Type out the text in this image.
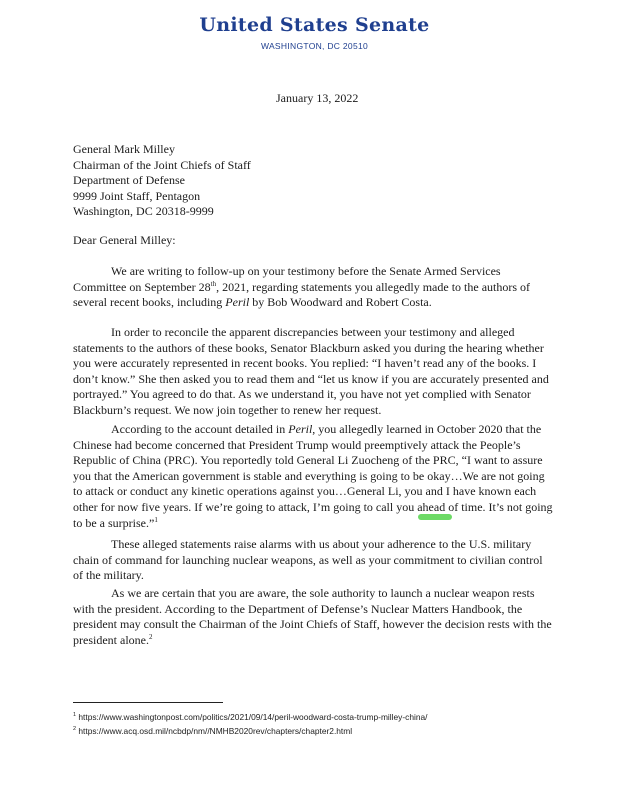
United States Senate
WASHINGTON, DC 20510
January 13, 2022
General Mark Milley
Chairman of the Joint Chiefs of Staff
Department of Defense
9999 Joint Staff, Pentagon
Washington, DC 20318-9999
Dear General Milley:
We are writing to follow-up on your testimony before the Senate Armed Services Committee on September 28th, 2021, regarding statements you allegedly made to the authors of several recent books, including Peril by Bob Woodward and Robert Costa.
In order to reconcile the apparent discrepancies between your testimony and alleged statements to the authors of these books, Senator Blackburn asked you during the hearing whether you were accurately represented in recent books. You replied: “I haven’t read any of the books. I don’t know.” She then asked you to read them and “let us know if you are accurately presented and portrayed.” You agreed to do that. As we understand it, you have not yet complied with Senator Blackburn’s request. We now join together to renew her request.
According to the account detailed in Peril, you allegedly learned in October 2020 that the Chinese had become concerned that President Trump would preemptively attack the People’s Republic of China (PRC). You reportedly told General Li Zuocheng of the PRC, “I want to assure you that the American government is stable and everything is going to be okay…We are not going to attack or conduct any kinetic operations against you…General Li, you and I have known each other for now five years. If we’re going to attack, I’m going to call you ahead of time. It’s not going to be a surprise.”$^1$
These alleged statements raise alarms with us about your adherence to the U.S. military chain of command for launching nuclear weapons, as well as your commitment to civilian control of the military.
As we are certain that you are aware, the sole authority to launch a nuclear weapon rests with the president. According to the Department of Defense’s Nuclear Matters Handbook, the president may consult the Chairman of the Joint Chiefs of Staff, however the decision rests with the president alone.$^2$
$^1$ https://www.washingtonpost.com/politics/2021/09/14/peril-woodward-costa-trump-milley-china/
$^2$ https://www.acq.osd.mil/ncbdp/nm//NMHB2020rev/chapters/chapter2.html
